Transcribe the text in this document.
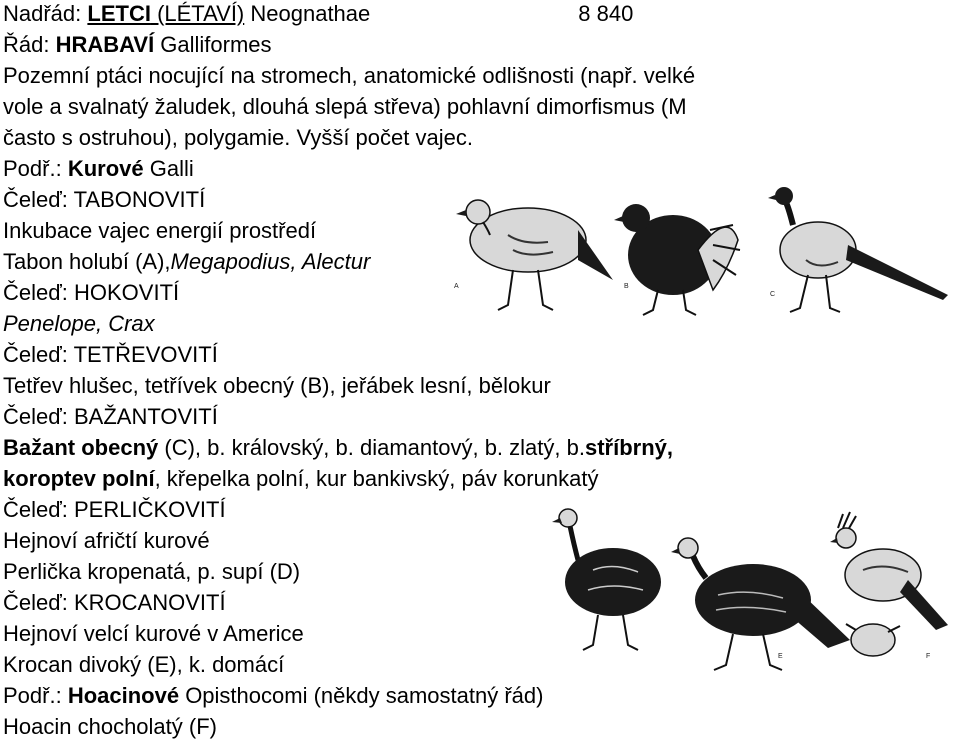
Nadřád: LETCI (LÉTAVÍ) Neognathae	8 840

Řád: HRABAVÍ Galliformes

Pozemní ptáci nocující na stromech, anatomické odlišnosti (např. velké

vole a svalnatý žaludek, dlouhá slepá střeva) pohlavní dimorfismus (M

často s ostruhou), polygamie. Vyšší počet vajec.

Podř.: Kurové Galli

Čeleď: TABONOVITÍ

Inkubace vajec energií prostředí

Tabon holubí (A),Megapodius, Alectur

Čeleď: HOKOVITÍ

Penelope, Crax

Čeleď: TETŘEVOVITÍ

Tetřev hlušec, tetřívek obecný (B), jeřábek lesní, bělokur

Čeleď: BAŽANTOVITÍ

Bažant obecný (C), b. královský, b. diamantový, b. zlatý, b.stříbrný,

koroptev polní, křepelka polní, kur bankivský, páv korunkatý

Čeleď: PERLIČKOVITÍ

Hejnoví afričtí kurové

Perlička kropenatá, p. supí (D)

Čeleď: KROCANOVITÍ

Hejnoví velcí kurové v Americe

Krocan divoký (E), k. domácí

Podř.: Hoacinové Opisthocomi (někdy samostatný řád)

Hoacin chocholatý (F)

A	B
C
E	F
